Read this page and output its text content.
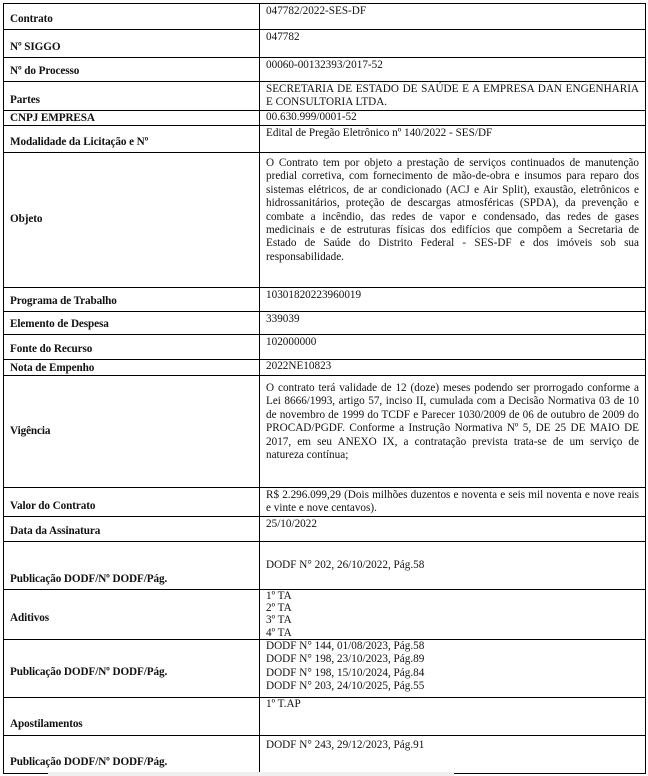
Contrato	047782/2022-SES-DF

Nº SIGGO	047782

Nº do Processo	00060-00132393/2017-52

Partes	SECRETARIA DE ESTADO DE SAÚDE E A EMPRESA DAN ENGENHARIA E CONSULTORIA LTDA.

CNPJ EMPRESA	00.630.999/0001-52

Modalidade da Licitação e Nº	Edital de Pregão Eletrônico nº 140/2022 - SES/DF

Objeto	O Contrato tem por objeto a prestação de serviços continuados de manutenção predial corretiva, com fornecimento de mão-de-obra e insumos para reparo dos sistemas elétricos, de ar condicionado (ACJ e Air Split), exaustão, eletrônicos e hidrossanitários, proteção de descargas atmosféricas (SPDA), da prevenção e combate a incêndio, das redes de vapor e condensado, das redes de gases medicinais e de estruturas físicas dos edifícios que compõem a Secretaria de Estado de Saúde do Distrito Federal - SES-DF e dos imóveis sob sua responsabilidade.

Programa de Trabalho	10301820223960019

Elemento de Despesa	339039

Fonte do Recurso	102000000

Nota de Empenho	2022NE10823

Vigência	O contrato terá validade de 12 (doze) meses podendo ser prorrogado conforme a Lei 8666/1993, artigo 57, inciso II, cumulada com a Decisão Normativa 03 de 10 de novembro de 1999 do TCDF e Parecer 1030/2009 de 06 de outubro de 2009 do PROCAD/PGDF. Conforme a Instrução Normativa Nº 5, DE 25 DE MAIO DE 2017, em seu ANEXO IX, a contratação prevista trata-se de um serviço de natureza contínua;

Valor do Contrato	R$ 2.296.099,29 (Dois milhões duzentos e noventa e seis mil noventa e nove reais e vinte e nove centavos).

Data da Assinatura	25/10/2022

Publicação DODF/Nº DODF/Pág.	DODF N° 202, 26/10/2022, Pág.58

Aditivos	1º TA
2º TA
3º TA
4º TA

Publicação DODF/Nº DODF/Pág.	DODF N° 144, 01/08/2023, Pág.58
DODF N° 198, 23/10/2023, Pág.89
DODF N° 198, 15/10/2024, Pág.84
DODF N° 203, 24/10/2025, Pág.55

Apostilamentos	1º T.AP

Publicação DODF/Nº DODF/Pág.	DODF N° 243, 29/12/2023, Pág.91
